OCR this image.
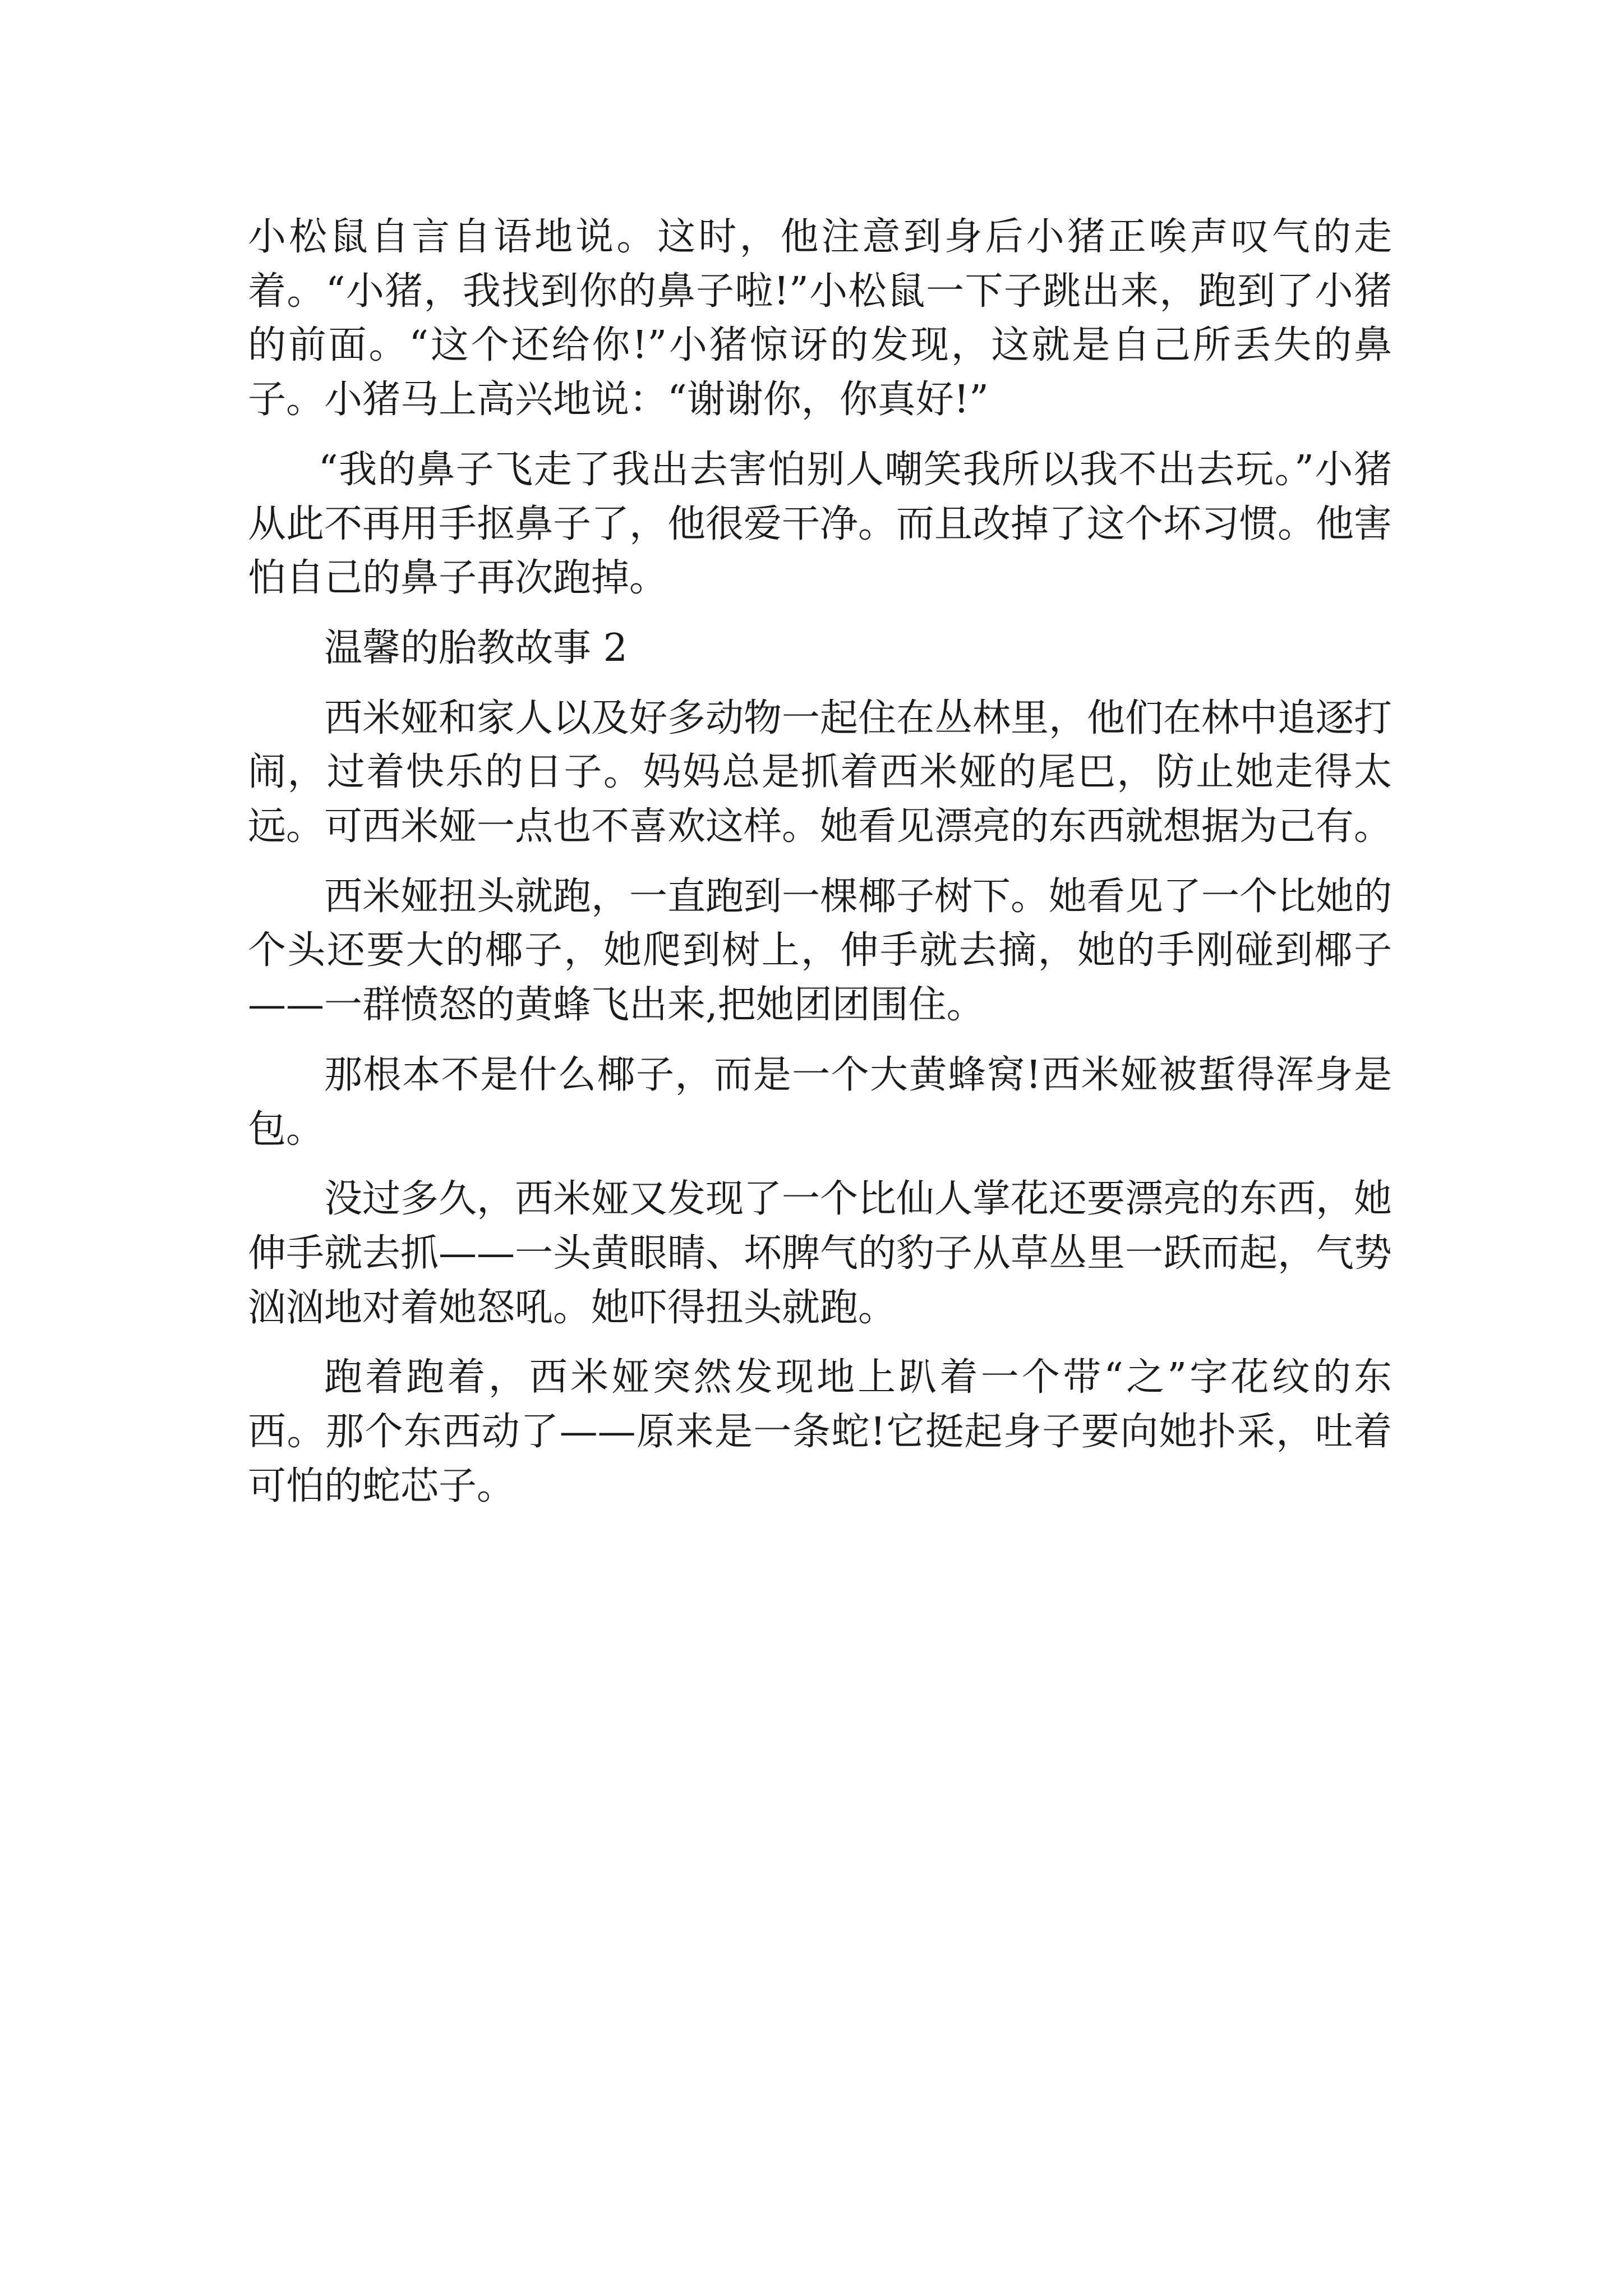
小松鼠自言自语地说。这时，他注意到身后小猪正唉声叹气的走着。“小猪，我找到你的鼻子啦!”小松鼠一下子跳出来，跑到了小猪的前面。“这个还给你!”小猪惊讶的发现，这就是自己所丢失的鼻子。小猪马上高兴地说：“谢谢你，你真好!”

“我的鼻子飞走了我出去害怕别人嘲笑我所以我不出去玩。”小猪从此不再用手抠鼻子了，他很爱干净。而且改掉了这个坏习惯。他害怕自己的鼻子再次跑掉。

温馨的胎教故事 2

西米娅和家人以及好多动物一起住在丛林里，他们在林中追逐打闹，过着快乐的日子。妈妈总是抓着西米娅的尾巴，防止她走得太远。可西米娅一点也不喜欢这样。她看见漂亮的东西就想据为己有。

西米娅扭头就跑，一直跑到一棵椰子树下。她看见了一个比她的个头还要大的椰子，她爬到树上，伸手就去摘，她的手刚碰到椰子——一群愤怒的黄蜂飞出来,把她团团围住。

那根本不是什么椰子，而是一个大黄蜂窝!西米娅被蜇得浑身是包。

没过多久，西米娅又发现了一个比仙人掌花还要漂亮的东西，她伸手就去抓——一头黄眼睛、坏脾气的豹子从草丛里一跃而起，气势汹汹地对着她怒吼。她吓得扭头就跑。

跑着跑着，西米娅突然发现地上趴着一个带“之”字花纹的东西。那个东西动了——原来是一条蛇!它挺起身子要向她扑采，吐着可怕的蛇芯子。
